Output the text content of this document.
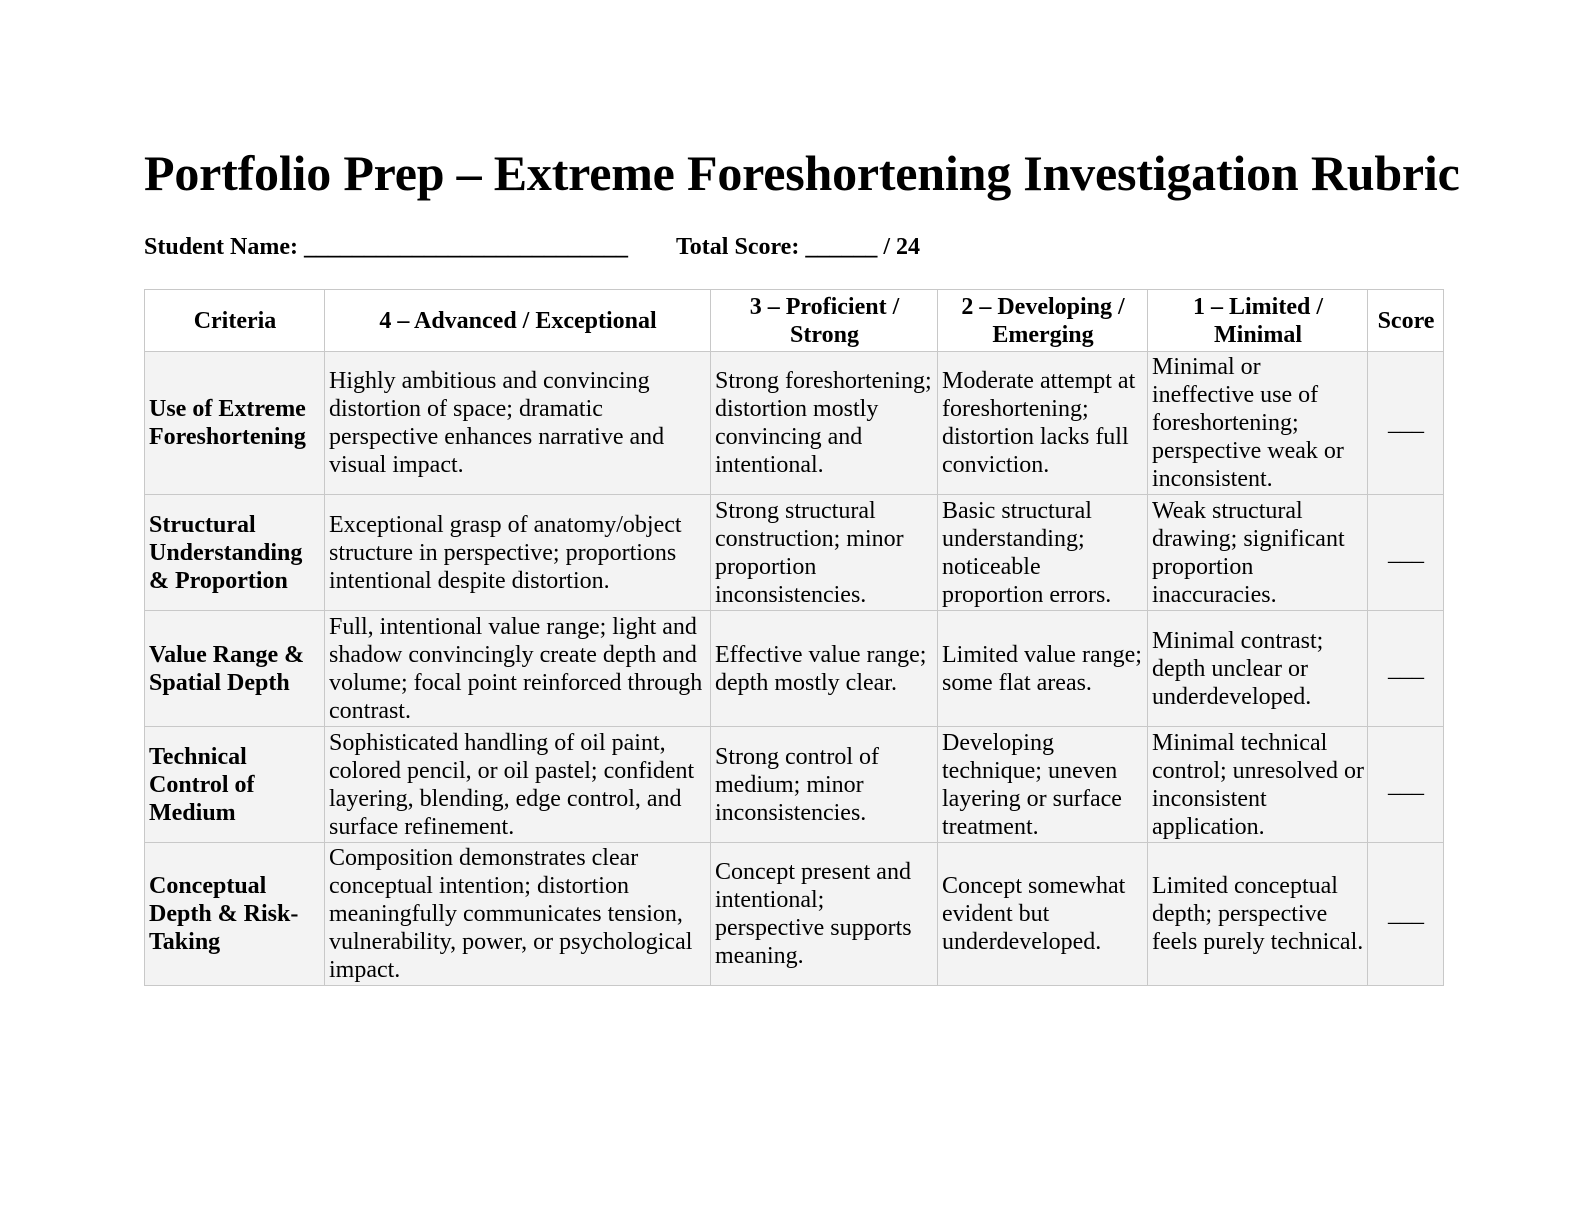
Portfolio Prep – Extreme Foreshortening Investigation Rubric
Student Name: ___________________________ Total Score: ______ / 24
Criteria	4 – Advanced / Exceptional	3 – Proficient / Strong	2 – Developing / Emerging	1 – Limited / Minimal	Score
Use of Extreme Foreshortening	Highly ambitious and convincing distortion of space; dramatic perspective enhances narrative and visual impact.	Strong foreshortening; distortion mostly convincing and intentional.	Moderate attempt at foreshortening; distortion lacks full conviction.	Minimal or ineffective use of foreshortening; perspective weak or inconsistent.	___
Structural Understanding & Proportion	Exceptional grasp of anatomy/object structure in perspective; proportions intentional despite distortion.	Strong structural construction; minor proportion inconsistencies.	Basic structural understanding; noticeable proportion errors.	Weak structural drawing; significant proportion inaccuracies.	___
Value Range & Spatial Depth	Full, intentional value range; light and shadow convincingly create depth and volume; focal point reinforced through contrast.	Effective value range; depth mostly clear.	Limited value range; some flat areas.	Minimal contrast; depth unclear or underdeveloped.	___
Technical Control of Medium	Sophisticated handling of oil paint, colored pencil, or oil pastel; confident layering, blending, edge control, and surface refinement.	Strong control of medium; minor inconsistencies.	Developing technique; uneven layering or surface treatment.	Minimal technical control; unresolved or inconsistent application.	___
Conceptual Depth & Risk-Taking	Composition demonstrates clear conceptual intention; distortion meaningfully communicates tension, vulnerability, power, or psychological impact.	Concept present and intentional; perspective supports meaning.	Concept somewhat evident but underdeveloped.	Limited conceptual depth; perspective feels purely technical.	___
